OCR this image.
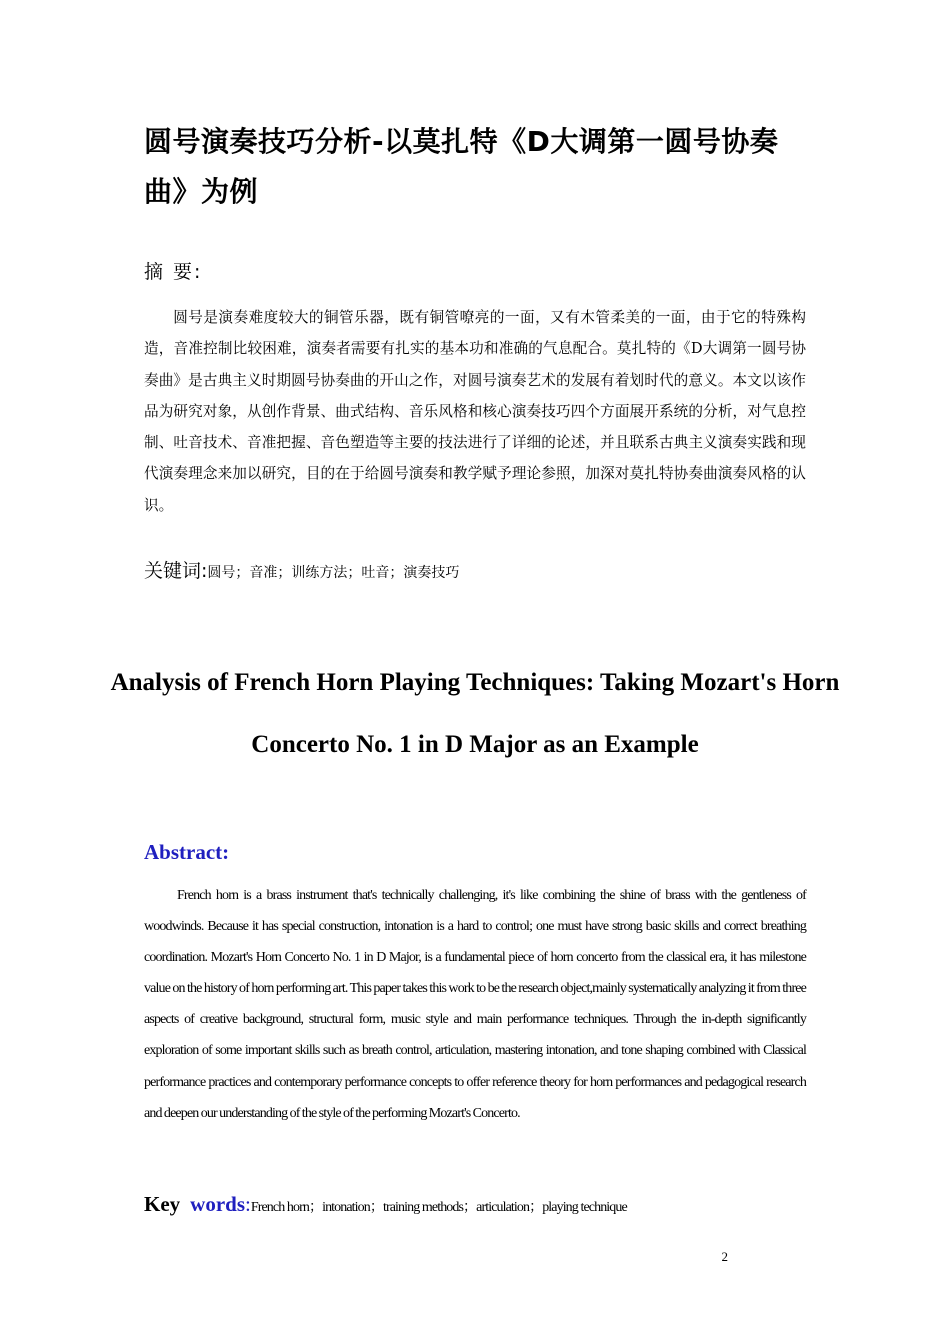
圆号演奏技巧分析-以莫扎特《D大调第一圆号协奏曲》为例
摘 要:

圆号是演奏难度较大的铜管乐器，既有铜管嘹亮的一面，又有木管柔美的一面，由于它的特殊构造，音准控制比较困难，演奏者需要有扎实的基本功和准确的气息配合。莫扎特的《D大调第一圆号协奏曲》是古典主义时期圆号协奏曲的开山之作，对圆号演奏艺术的发展有着划时代的意义。本文以该作品为研究对象，从创作背景、曲式结构、音乐风格和核心演奏技巧四个方面展开系统的分析，对气息控制、吐音技术、音准把握、音色塑造等主要的技法进行了详细的论述，并且联系古典主义演奏实践和现代演奏理念来加以研究，目的在于给圆号演奏和教学赋予理论参照，加深对莫扎特协奏曲演奏风格的认识。

关键词:圆号；音准；训练方法；吐音；演奏技巧
Analysis of French Horn Playing Techniques: Taking Mozart's Horn Concerto No. 1 in D Major as an Example
Abstract:

French horn is a brass instrument that's technically challenging, it's like combining the shine of brass with the gentleness of woodwinds. Because it has special construction, intonation is a hard to control; one must have strong basic skills and correct breathing coordination. Mozart's Horn Concerto No. 1 in D Major, is a fundamental piece of horn concerto from the classical era, it has milestone value on the history of horn performing art. This paper takes this work to be the research object,mainly systematically analyzing it from three aspects of creative background, structural form, music style and main performance techniques. Through the in-depth significantly exploration of some important skills such as breath control, articulation, mastering intonation, and tone shaping combined with Classical performance practices and contemporary performance concepts to offer reference theory for horn performances and pedagogical research and deepen our understanding of the style of the performing Mozart's Concerto.

Key words:French horn；intonation；training methods；articulation；playing technique
2
